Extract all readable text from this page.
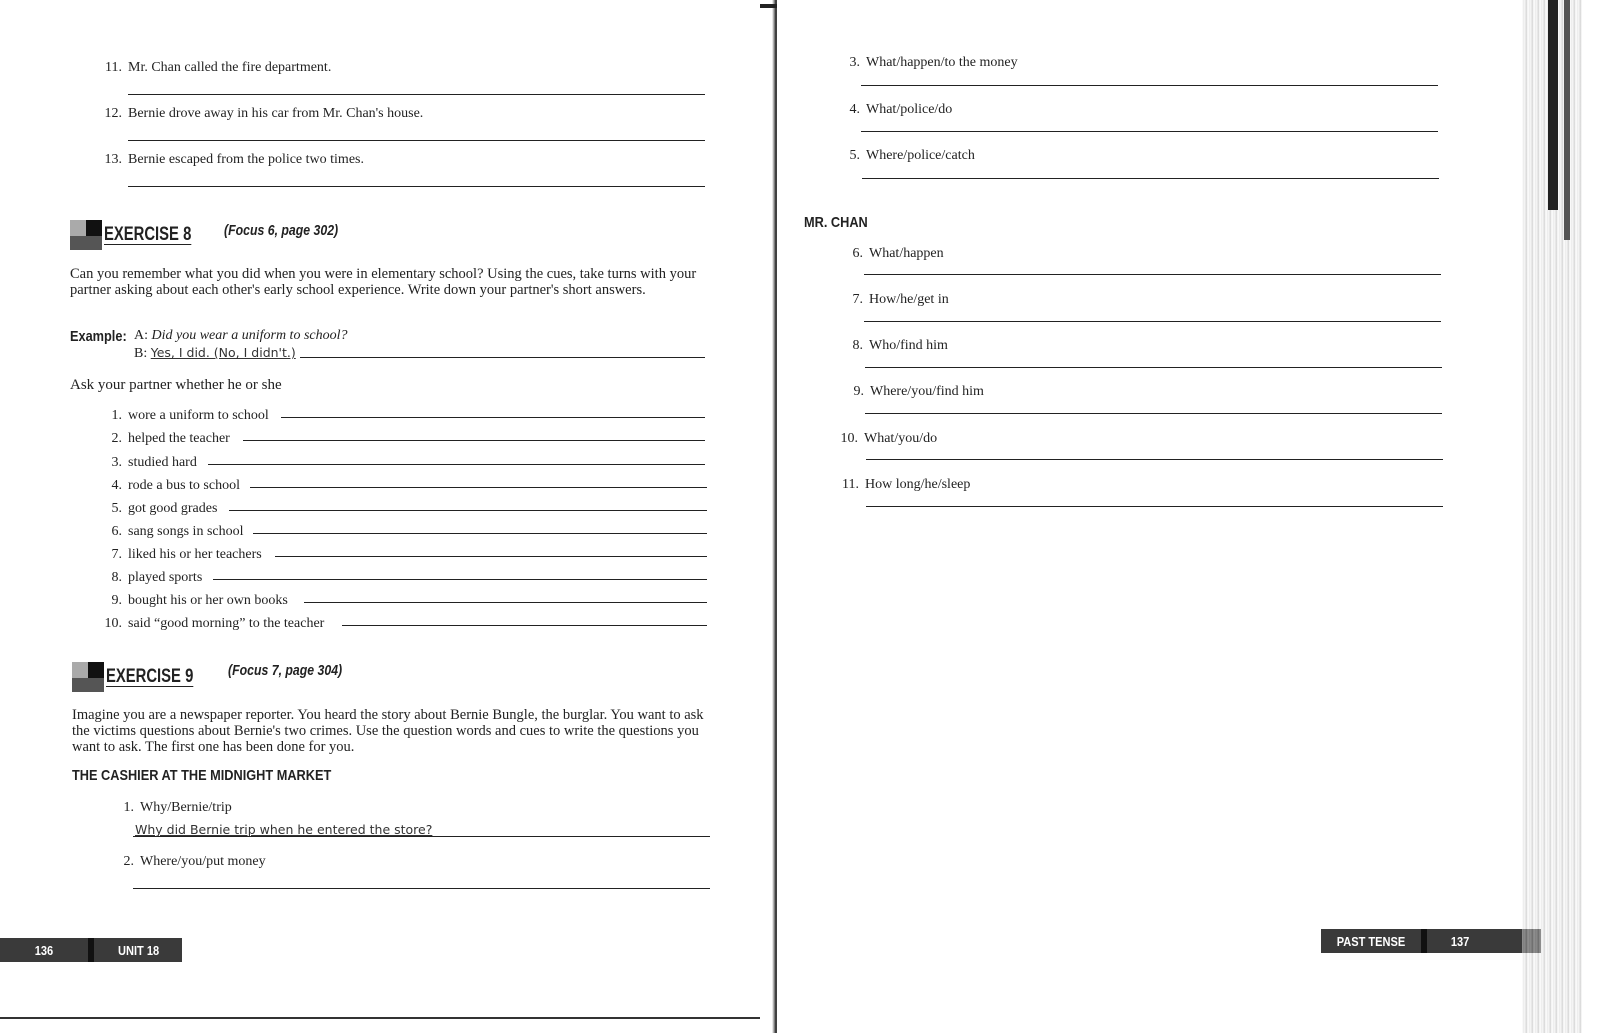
11. Mr. Chan called the fire department.
12. Bernie drove away in his car from Mr. Chan's house.
13. Bernie escaped from the police two times.
EXERCISE 8 (Focus 6, page 302)
Can you remember what you did when you were in elementary school? Using the cues, take turns with your partner asking about each other's early school experience. Write down your partner's short answers.
Example: A: Did you wear a uniform to school?
B: Yes, I did. (No, I didn't.)
Ask your partner whether he or she
1. wore a uniform to school
2. helped the teacher
3. studied hard
4. rode a bus to school
5. got good grades
6. sang songs in school
7. liked his or her teachers
8. played sports
9. bought his or her own books
10. said “good morning” to the teacher
EXERCISE 9 (Focus 7, page 304)
Imagine you are a newspaper reporter. You heard the story about Bernie Bungle, the burglar. You want to ask the victims questions about Bernie's two crimes. Use the question words and cues to write the questions you want to ask. The first one has been done for you.
THE CASHIER AT THE MIDNIGHT MARKET
1. Why/Bernie/trip
Why did Bernie trip when he entered the store?
2. Where/you/put money
136	UNIT 18
3. What/happen/to the money
4. What/police/do
5. Where/police/catch
MR. CHAN
6. What/happen
7. How/he/get in
8. Who/find him
9. Where/you/find him
10. What/you/do
11. How long/he/sleep
PAST TENSE	137
